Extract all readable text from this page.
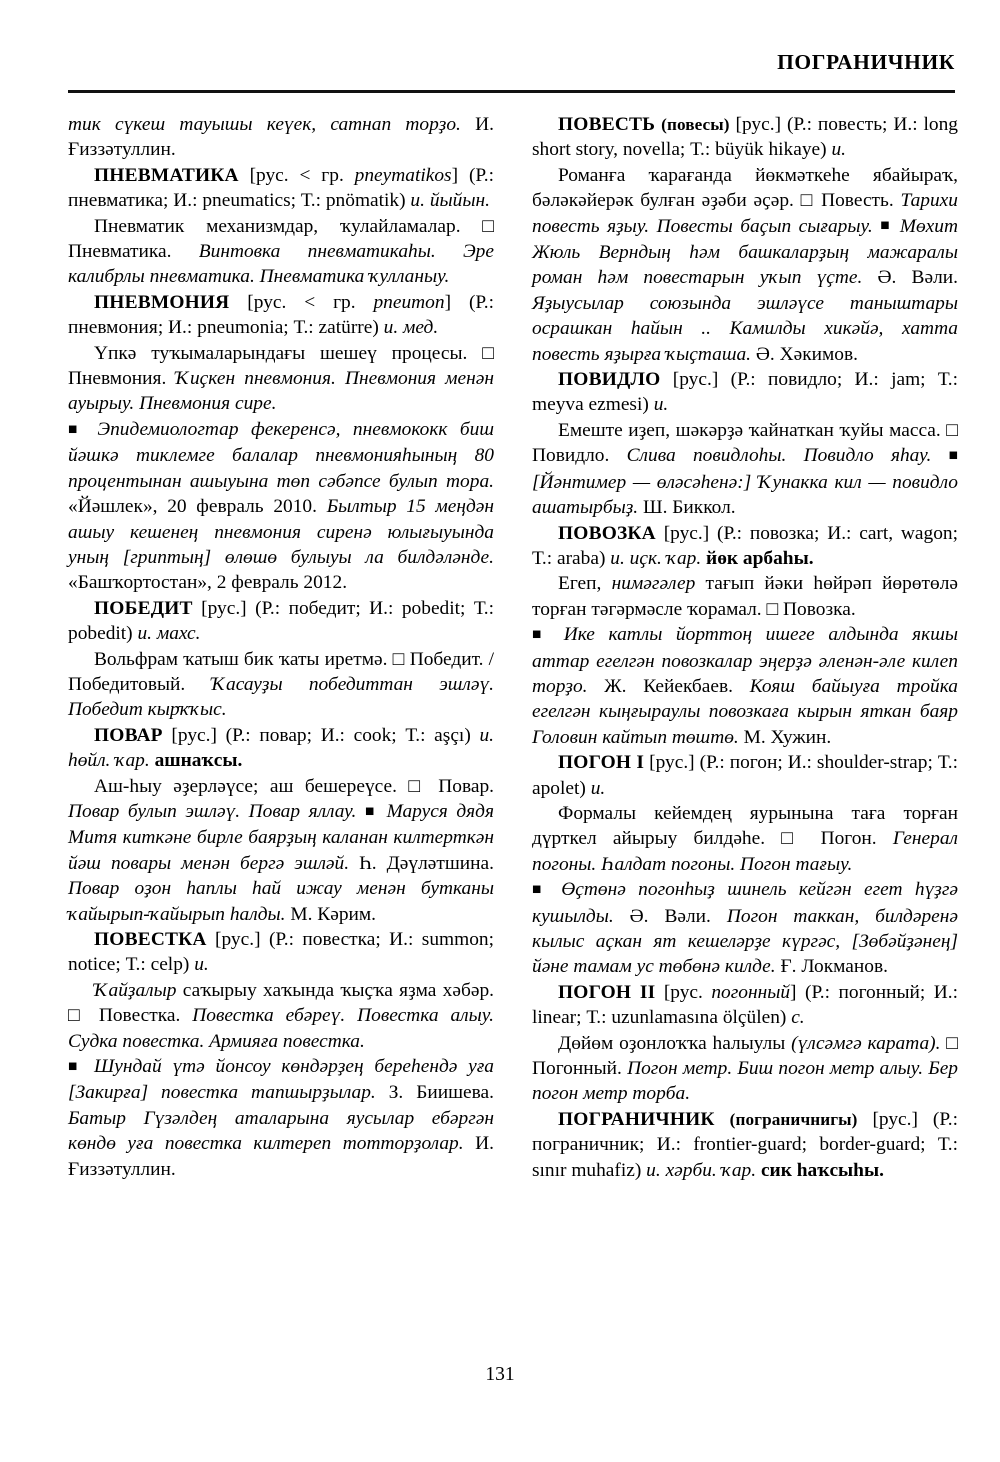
ПОГРАНИЧНИК

тик сүкеш тауышы кеүек, сатнап торҙо. И. Ғиззәтуллин.

ПНЕВМАТИКА [рус. < гр. pneymatikos] (Р.: пневматика; И.: pneumatics; Т.: pnömatik) и. йыйын.

Пневматик механизмдар, ҡулайламалар. □ Пневматика. Винтовка пневматикаһы. Эре калибрлы пневматика. Пневматика ҡулланыу.

ПНЕВМОНИЯ [рус. < гр. pneumon] (Р.: пневмония; И.: pneumonia; Т.: zatürre) и. мед.

Үпкә туҡымаларындағы шешеү процесы. □ Пневмония. Ҡиҫкен пневмония. Пневмония менән ауырыу. Пневмония сире.

■ Эпидемиологтар фекеренсә, пневмококк биш йәшкә тиклемге балалар пневмонияһының 80 процентынан ашыуына төп сәбәпсе булып тора. «Йәшлек», 20 февраль 2010. Былтыр 15 меңдән ашыу кешенең пневмония сиренә юлығыуында уның [гриптың] өлөшө булыуы ла билдәләнде. «Башҡортостан», 2 февраль 2012.

ПОБЕДИТ [рус.] (Р.: победит; И.: pobedit; Т.: pobedit) и. махс.

Вольфрам ҡатыш бик ҡаты иретмә. □ Победит. / Победитовый. Ҡасауҙы победиттан эшләү. Победит кырҡҡыс.

ПОВАР [рус.] (Р.: повар; И.: cook; Т.: aşçı) и. һөйл. ҡар. ашнаҡсы.

Аш-һыу әҙерләүсе; аш бешереүсе. □ Повар. Повар булып эшләү. Повар яллау. ■ Маруся дядя Митя киткәне бирле баярҙың каланан килтерткән йәш повары менән бергә эшләй. Һ. Дәүләтшина. Повар оҙон һаплы һай ижау менән бутканы ҡайырып-ҡайырып һалды. М. Кәрим.

ПОВЕСТКА [рус.] (Р.: повестка; И.: summon; notice; Т.: celp) и.

Ҡайҙалыр саҡырыу хаҡында ҡыҫҡа яҙма хәбәр. □ Повестка. Повестка ебәреү. Повестка алыу. Судка повестка. Армияға повестка.

■ Шундай үтә йонсоу көндәрҙең береһендә уға [Закирға] повестка тапшырҙылар. З. Биишева. Батыр Гүзәлдең аталарына яусылар ебәргән көндө уға повестка килтереп тотторҙолар. И. Ғиззәтуллин.

ПОВЕСТЬ (повесы) [рус.] (Р.: повесть; И.: long short story, novella; Т.: büyük hikaye) и.

Романға ҡарағанда йөкмәткеһе ябайыраҡ, бәләкәйерәк булған әҙәби әҫәр. □ Повесть. Тарихи повесть яҙыу. Повесты баҫып сығарыу. ■ Мөхит Жюль Верндың һәм башкаларҙың мажаралы роман һәм повестарын уҡып үҫте. Ә. Вәли. Яҙыусылар союзында эшләүсе таныштары осрашкан һайын .. Камилды хикәйә, хатта повесть яҙырға ҡыҫташа. Ә. Хәкимов.

ПОВИДЛО [рус.] (Р.: повидло; И.: jam; Т.: meyva ezmesi) и.

Емеште иҙеп, шәкәрҙә ҡайнаткан ҡуйы масса. □ Повидло. Слива повидлоһы. Повидло яһау. ■ [Йәнтимер — өләсәһенә:] Ҡунакка кил — повидло ашатырбыҙ. Ш. Биккол.

ПОВОЗКА [рус.] (Р.: повозка; И.: cart, wagon; Т.: araba) и. иҫк. ҡар. йөк арбаһы.

Егеп, нимәгәлер тағып йәки һөйрәп йөрөтөлә торған тәгәрмәсле ҡорамал. □ Повозка.

■ Ике катлы йорттоң ишеге алдында якшы аттар егелгән повозкалар эңерҙә әленән-әле килеп торҙо. Ж. Кейекбаев. Кояш байыуға тройка егелгән кыңғыраулы повозкаға кырын яткан баяр Головин кайтып төштө. М. Хужин.

ПОГОН I [рус.] (Р.: погон; И.: shoulder-strap; Т.: apolet) и.

Формалы кейемдең яурынына тағa торған дүрткел айырыу билдәһе. □ Погон. Генерал погоны. Һалдат погоны. Погон тағыу.

■ Өҫтөнә погонһыҙ шинель кейгән егет һүҙгә кушылды. Ә. Вәли. Погон таккан, билдәренә кылыс аҫкан ят кешеләрҙе күргәс, [Зөбәйҙәнең] йәне тамам ус төбөнә килде. Ғ. Локманов.

ПОГОН II [рус. погонный] (Р.: погонный; И.: linear; Т.: uzunlamasına ölçülen) с.

Дөйөм оҙонлоҡҡа һалыулы (үлсәмгә карата). □ Погонный. Погон метр. Биш погон метр алыу. Бер погон метр торба.

ПОГРАНИЧНИК (пограничнигы) [рус.] (Р.: пограничник; И.: frontier-guard; border-guard; Т.: sınır muhafiz) и. хәрби. ҡар. сик һаҡсыһы.

131
